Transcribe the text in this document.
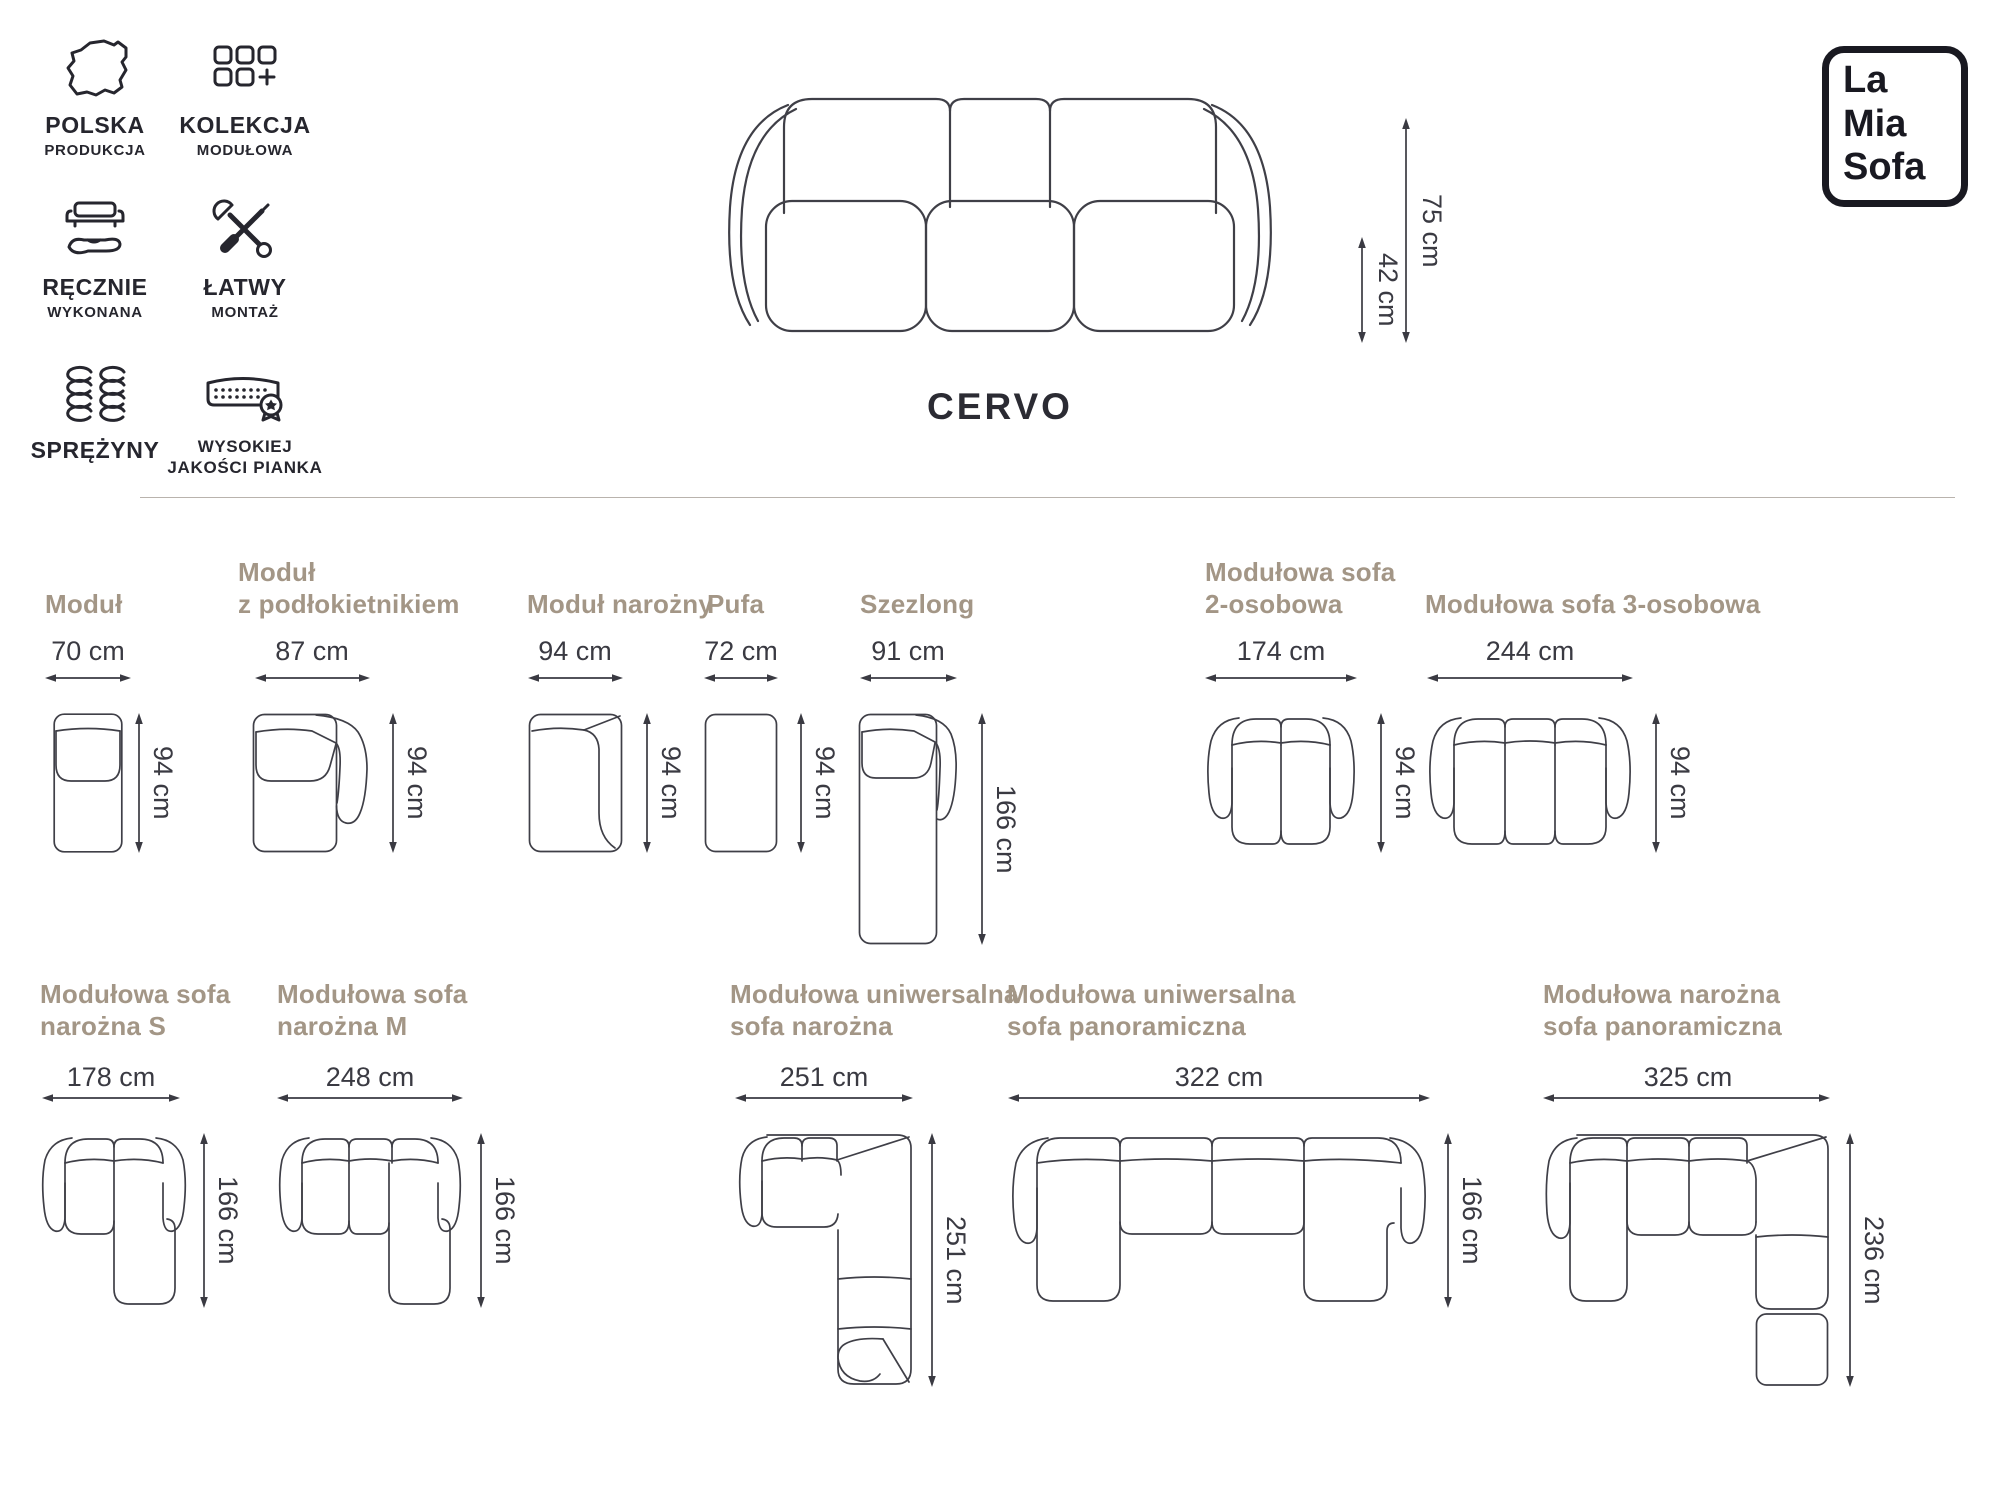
POLSKA
PRODUKCJA
KOLEKCJA
MODUŁOWA
RĘCZNIE
WYKONANA
ŁATWY
MONTAŻ
SPRĘŻYNY	WYSOKIEJ
JAKOŚCI PIANKA
La
Mia
Sofa
42 cm
75 cm
CERVO
Moduł
70 cm
94 cm
Moduł
z podłokietnikiem
87 cm
94 cm
Moduł narożny
94 cm
94 cm
Pufa
72 cm
94 cm
Szezlong
91 cm
166 cm
Modułowa sofa
2-osobowa
174 cm
94 cm
Modułowa sofa 3-osobowa
244 cm
94 cm
Modułowa sofa
narożna S
178 cm
166 cm
Modułowa sofa
narożna M
248 cm
166 cm
Modułowa uniwersalna
sofa narożna
251 cm
251 cm
Modułowa uniwersalna
sofa panoramiczna
322 cm
166 cm
Modułowa narożna
sofa panoramiczna
325 cm
236 cm
